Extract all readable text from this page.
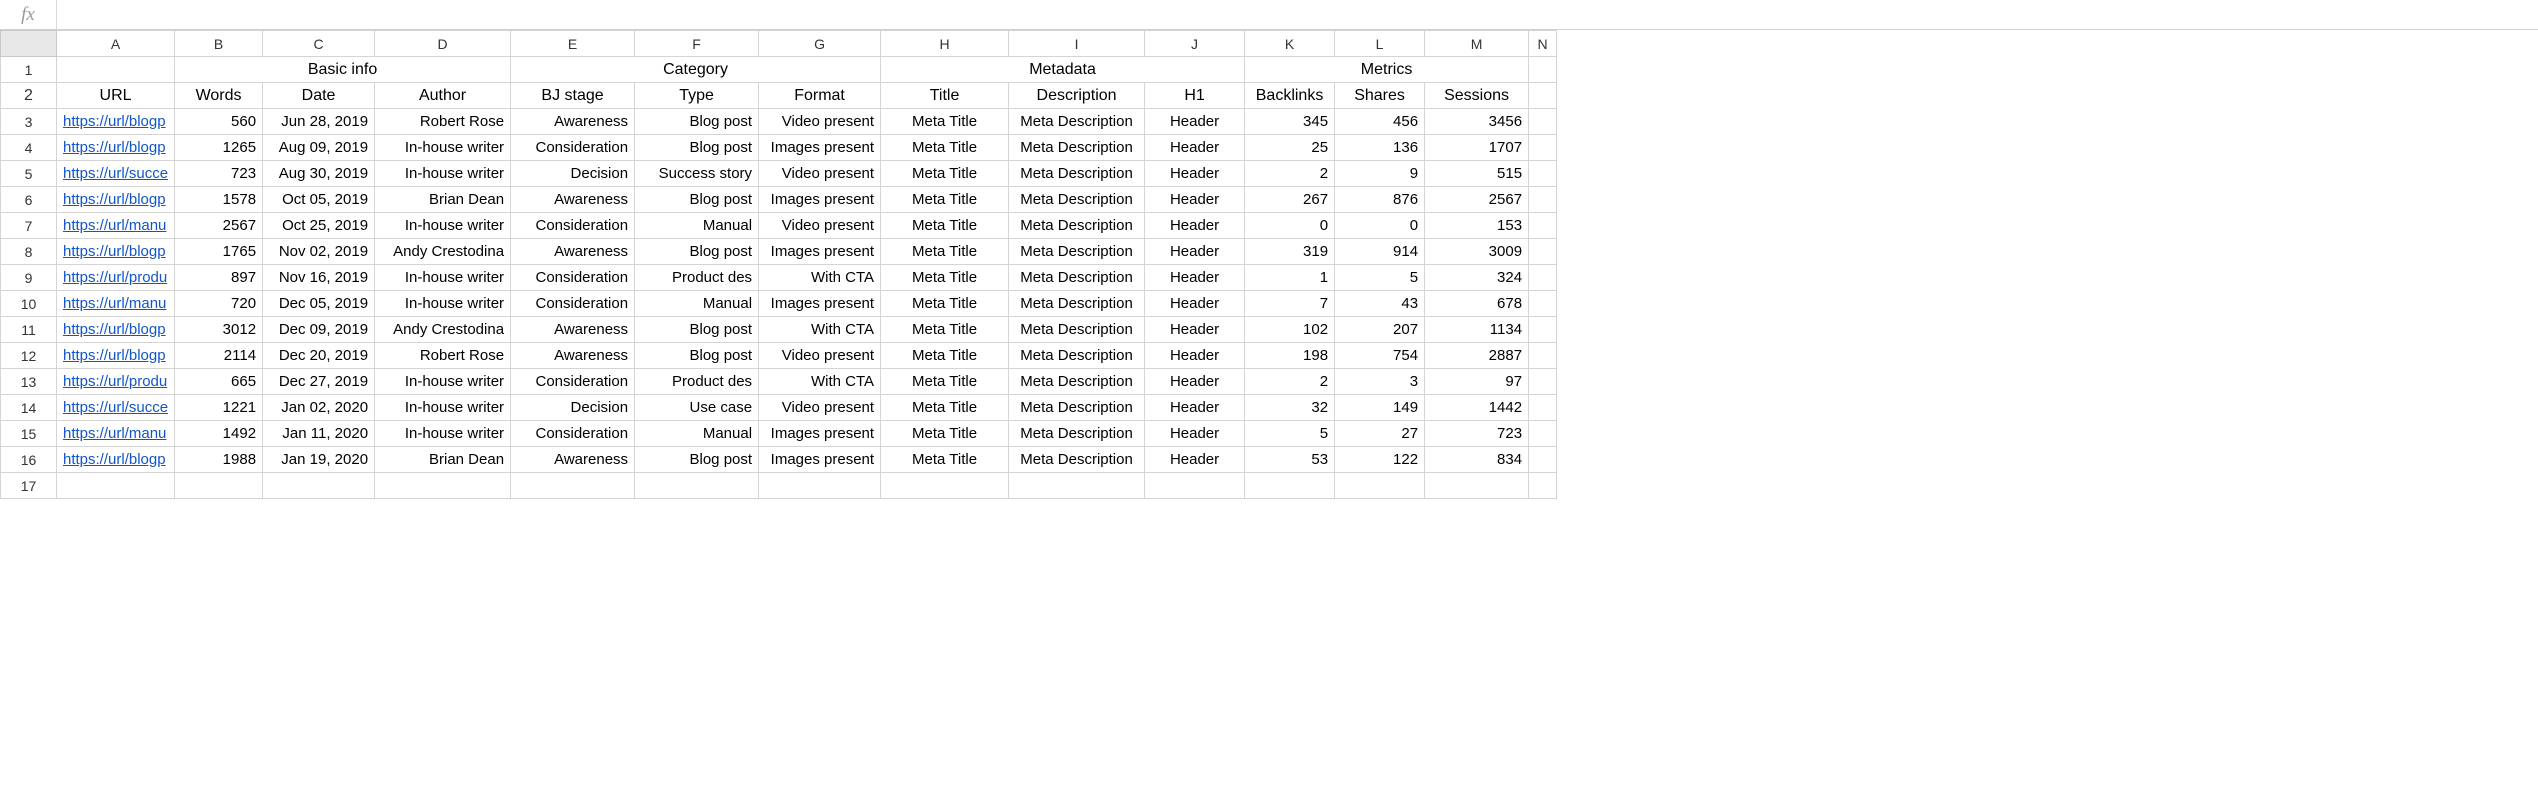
fx
	A	B	C	D	E	F	G	H	I	J	K	L	M	N
1		Basic info			Category			Metadata			Metrics			
2	URL	Words	Date	Author	BJ stage	Type	Format	Title	Description	H1	Backlinks	Shares	Sessions	
3	https://url/blogp	560	Jun 28, 2019	Robert Rose	Awareness	Blog post	Video present	Meta Title	Meta Description	Header	345	456	3456	
4	https://url/blogp	1265	Aug 09, 2019	In-house writer	Consideration	Blog post	Images present	Meta Title	Meta Description	Header	25	136	1707	
5	https://url/succe	723	Aug 30, 2019	In-house writer	Decision	Success story	Video present	Meta Title	Meta Description	Header	2	9	515	
6	https://url/blogp	1578	Oct 05, 2019	Brian Dean	Awareness	Blog post	Images present	Meta Title	Meta Description	Header	267	876	2567	
7	https://url/manu	2567	Oct 25, 2019	In-house writer	Consideration	Manual	Video present	Meta Title	Meta Description	Header	0	0	153	
8	https://url/blogp	1765	Nov 02, 2019	Andy Crestodina	Awareness	Blog post	Images present	Meta Title	Meta Description	Header	319	914	3009	
9	https://url/produ	897	Nov 16, 2019	In-house writer	Consideration	Product des	With CTA	Meta Title	Meta Description	Header	1	5	324	
10	https://url/manu	720	Dec 05, 2019	In-house writer	Consideration	Manual	Images present	Meta Title	Meta Description	Header	7	43	678	
11	https://url/blogp	3012	Dec 09, 2019	Andy Crestodina	Awareness	Blog post	With CTA	Meta Title	Meta Description	Header	102	207	1134	
12	https://url/blogp	2114	Dec 20, 2019	Robert Rose	Awareness	Blog post	Video present	Meta Title	Meta Description	Header	198	754	2887	
13	https://url/produ	665	Dec 27, 2019	In-house writer	Consideration	Product des	With CTA	Meta Title	Meta Description	Header	2	3	97	
14	https://url/succe	1221	Jan 02, 2020	In-house writer	Decision	Use case	Video present	Meta Title	Meta Description	Header	32	149	1442	
15	https://url/manu	1492	Jan 11, 2020	In-house writer	Consideration	Manual	Images present	Meta Title	Meta Description	Header	5	27	723	
16	https://url/blogp	1988	Jan 19, 2020	Brian Dean	Awareness	Blog post	Images present	Meta Title	Meta Description	Header	53	122	834	
17														
